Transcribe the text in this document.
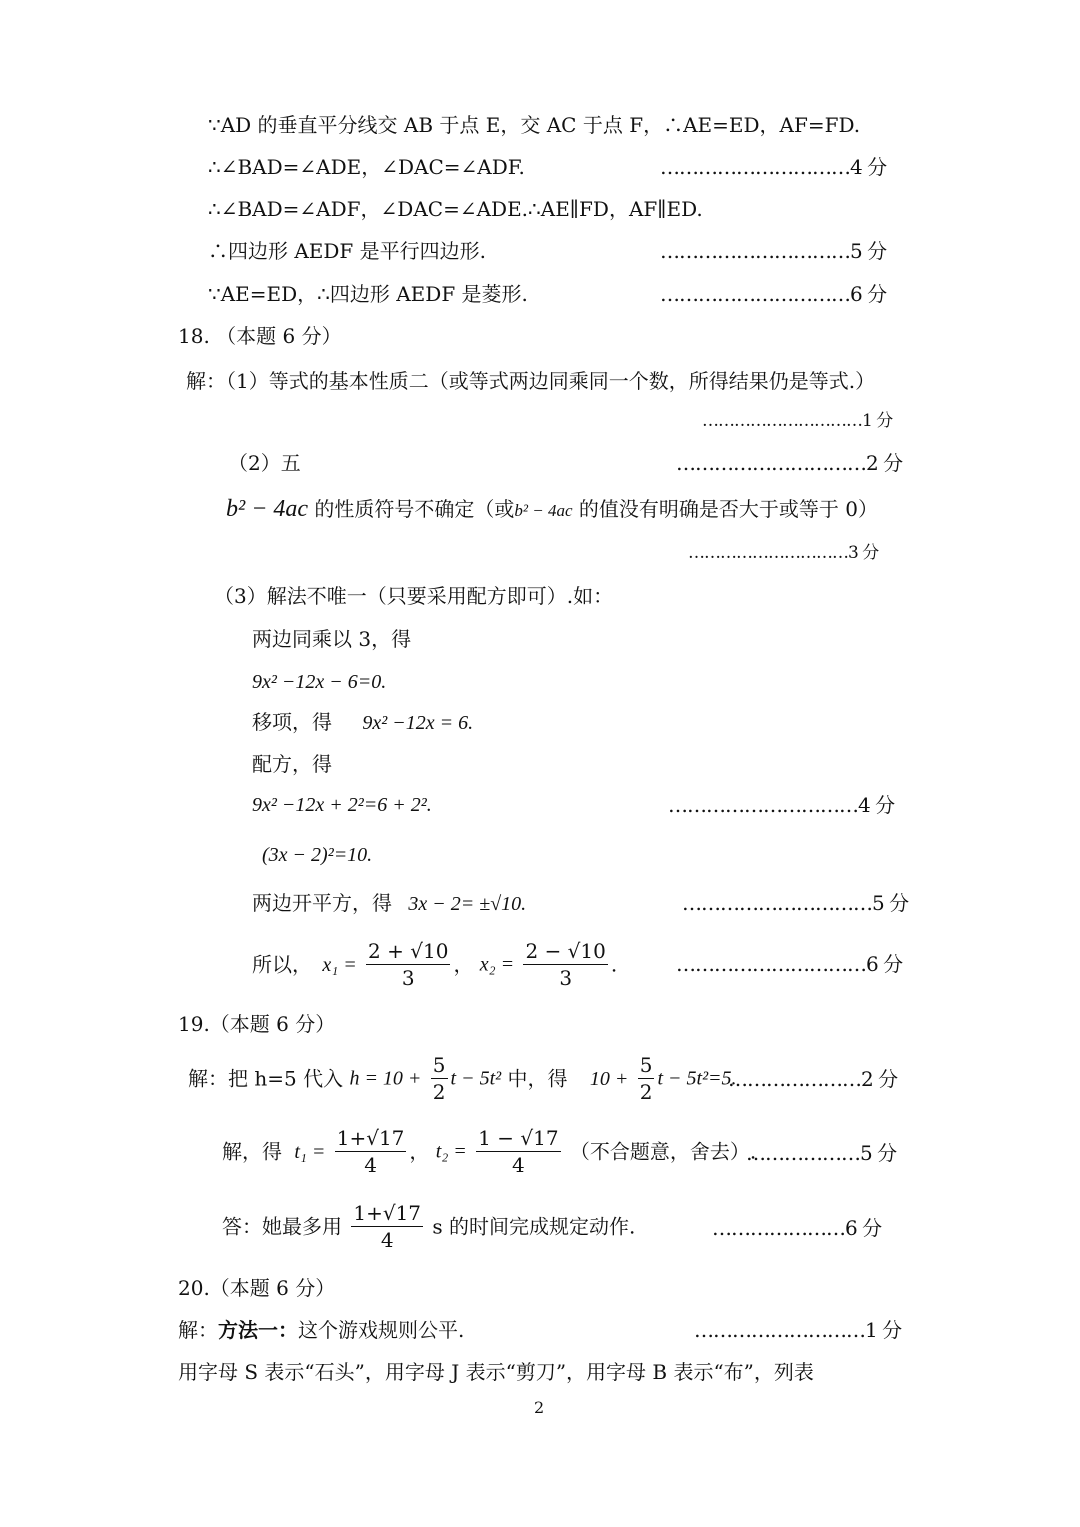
∵AD 的垂直平分线交 AB 于点 E，交 AC 于点 F，∴AE=ED，AF=FD.
∴∠BAD=∠ADE，∠DAC=∠ADF.	…………………………4 分
∴∠BAD=∠ADF，∠DAC=∠ADE.∴AE∥FD，AF∥ED.
∴四边形 AEDF 是平行四边形.	…………………………5 分
∵AE=ED，∴四边形 AEDF 是菱形.	…………………………6 分
18. （本题 6 分）
解：（1）等式的基本性质二（或等式两边同乘同一个数，所得结果仍是等式.）
…………………………1 分
（2）五	…………………………2 分
b² − 4ac 的性质符号不确定（或b² − 4ac 的值没有明确是否大于或等于 0）
…………………………3 分
（3）解法不唯一（只要采用配方即可）.如：
两边同乘以 3，得
9x² −12x − 6=0.
移项，得 9x² −12x = 6.
配方，得
9x² −12x + 2²=6 + 2².	…………………………4 分
(3x − 2)²=10.
两边开平方，得 3x − 2= ±√10.	…………………………5 分
所以， $x_1 = \frac{2 + √10}{3}$ ， $x_2 = \frac{2 - √10}{3}$ .	…………………………6 分
19.（本题 6 分）
解：把 h=5 代入 $h = 10 + \frac{5}{2}$ t − 5t² 中，得 $10 + \frac{5}{2}$ t − 5t²=5.
…………………2 分
解，得 $t_1 = \frac{1+√17}{4}$ ， $t_2 = \frac{1 - √17}{4}$ （不合题意，舍去）.
………………5 分
答：她最多用 $\frac{1+√17}{4}$ s 的时间完成规定动作.	…………………6 分
20.（本题 6 分）
解：方法一：这个游戏规则公平.	………………………1 分
用字母 S 表示“石头”，用字母 J 表示“剪刀”，用字母 B 表示“布”，列表
2
